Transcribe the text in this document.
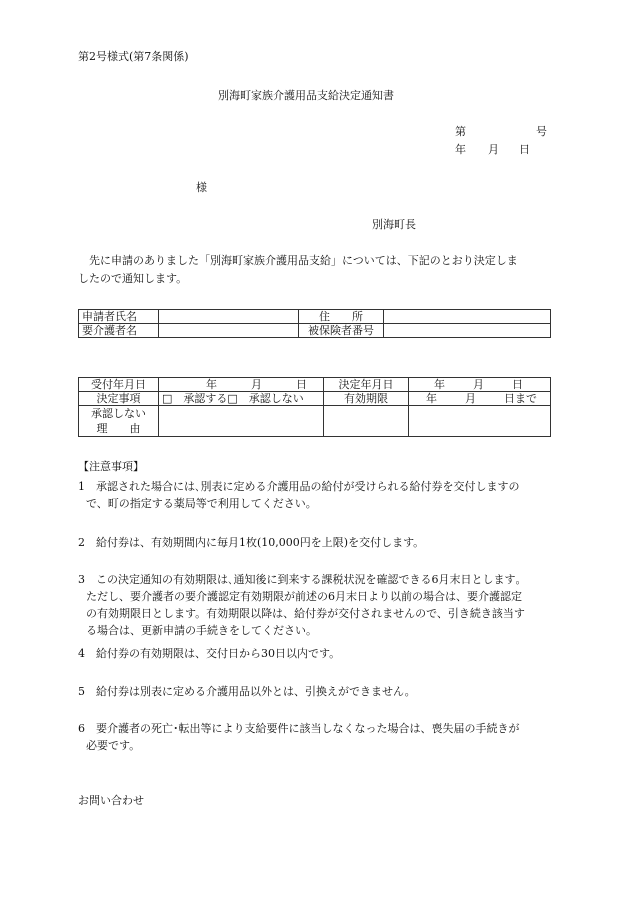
第2号様式(第7条関係)
別海町家族介護用品支給決定通知書
第	号
年 月 日
様
別海町長
先に申請のありました「別海町家族介護用品支給」については、下記のとおり決定しま
したので通知します。
申請者氏名		住　　所	
要介護者名		被保険者番号	
受付年月日	年 月 日	決定年月日	年 月 日
決定事項	□　承認する□　承認しない	有効期限	年 月 日まで

承認しない
理　　由			

【注意事項】
1　承認された場合には､別表に定める介護用品の給付が受けられる給付券を交付しますの
で、町の指定する薬局等で利用してください。
2　給付券は、有効期間内に毎月1枚(10,000円を上限)を交付します。
3　この決定通知の有効期限は､通知後に到来する課税状況を確認できる6月末日とします｡
ただし、要介護者の要介護認定有効期限が前述の6月末日より以前の場合は、要介護認定
の有効期限日とします。有効期限以降は、給付券が交付されませんので、引き続き該当す
る場合は、更新申請の手続きをしてください。
4　給付券の有効期限は、交付日から30日以内です。
5　給付券は別表に定める介護用品以外とは、引換えができません。
6　要介護者の死亡･転出等により支給要件に該当しなくなった場合は、喪失届の手続きが
必要です。
お問い合わせ
